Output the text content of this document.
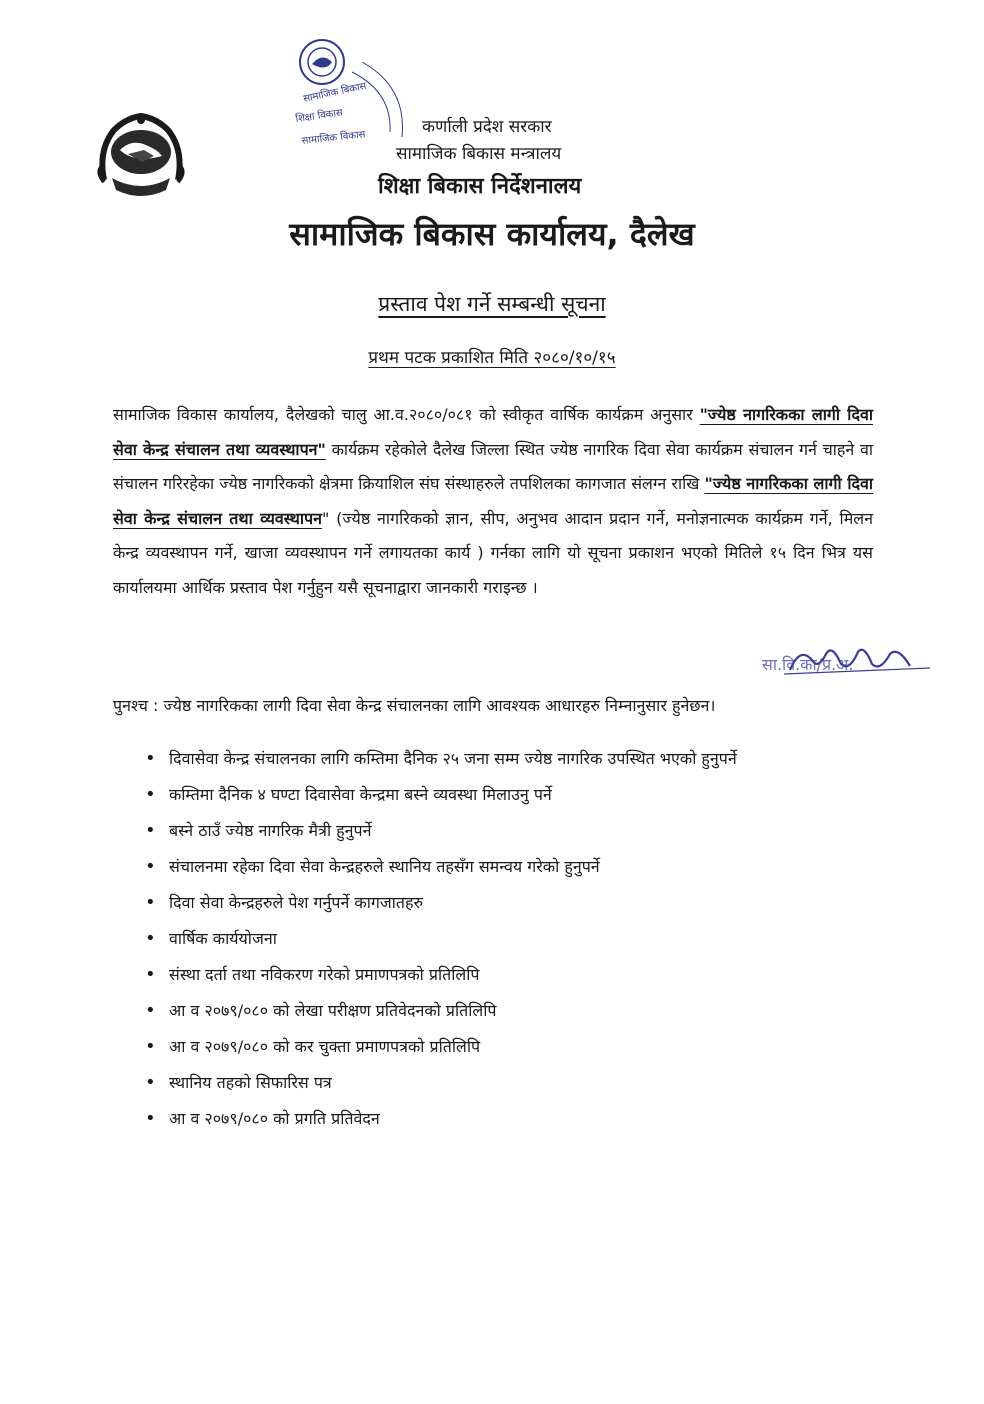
सामाजिक बिकास
शिक्षा विकास
सामाजिक विकास
कर्णाली प्रदेश सरकार
सामाजिक बिकास मन्त्रालय
शिक्षा बिकास निर्देशनालय
सामाजिक बिकास कार्यालय, दैलेख
प्रस्ताव पेश गर्ने सम्बन्धी सूचना
प्रथम पटक प्रकाशित मिति २०८०/१०/१५

सामाजिक विकास कार्यालय, दैलेखको चालु आ.व.२०८०/०८१ को स्वीकृत वार्षिक कार्यक्रम अनुसार "ज्येष्ठ नागरिकका लागी दिवा सेवा केन्द्र संचालन तथा व्यवस्थापन" कार्यक्रम रहेकोले दैलेख जिल्ला स्थित ज्येष्ठ नागरिक दिवा सेवा कार्यक्रम संचालन गर्न चाहने वा संचालन गरिरहेका ज्येष्ठ नागरिकको क्षेत्रमा क्रियाशिल संघ संस्थाहरुले तपशिलका कागजात संलग्न राखि "ज्येष्ठ नागरिकका लागी दिवा सेवा केन्द्र संचालन तथा व्यवस्थापन" (ज्येष्ठ नागरिकको ज्ञान, सीप, अनुभव आदान प्रदान गर्ने, मनोज्ञनात्मक कार्यक्रम गर्ने, मिलन केन्द्र व्यवस्थापन गर्ने, खाजा व्यवस्थापन गर्ने लगायतका कार्य ) गर्नका लागि यो सूचना प्रकाशन भएको मितिले १५ दिन भित्र यस कार्यालयमा आर्थिक प्रस्ताव पेश गर्नुहुन यसै सूचनाद्वारा जानकारी गराइन्छ ।

सा.वि.का/प्र.अ.
पुनश्च : ज्येष्ठ नागरिकका लागी दिवा सेवा केन्द्र संचालनका लागि आवश्यक आधारहरु निम्नानुसार हुनेछन।
• दिवासेवा केन्द्र संचालनका लागि कम्तिमा दैनिक २५ जना सम्म ज्येष्ठ नागरिक उपस्थित भएको हुनुपर्ने
• कम्तिमा दैनिक ४ घण्टा दिवासेवा केन्द्रमा बस्ने व्यवस्था मिलाउनु पर्ने
• बस्ने ठाउँ ज्येष्ठ नागरिक मैत्री हुनुपर्ने
• संचालनमा रहेका दिवा सेवा केन्द्रहरुले स्थानिय तहसँग समन्वय गरेको हुनुपर्ने
• दिवा सेवा केन्द्रहरुले पेश गर्नुपर्ने कागजातहरु
• वार्षिक कार्ययोजना
• संस्था दर्ता तथा नविकरण गरेको प्रमाणपत्रको प्रतिलिपि
• आ व २०७९/०८० को लेखा परीक्षण प्रतिवेदनको प्रतिलिपि
• आ व २०७९/०८० को कर चुक्ता प्रमाणपत्रको प्रतिलिपि
• स्थानिय तहको सिफारिस पत्र
• आ व २०७९/०८० को प्रगति प्रतिवेदन
